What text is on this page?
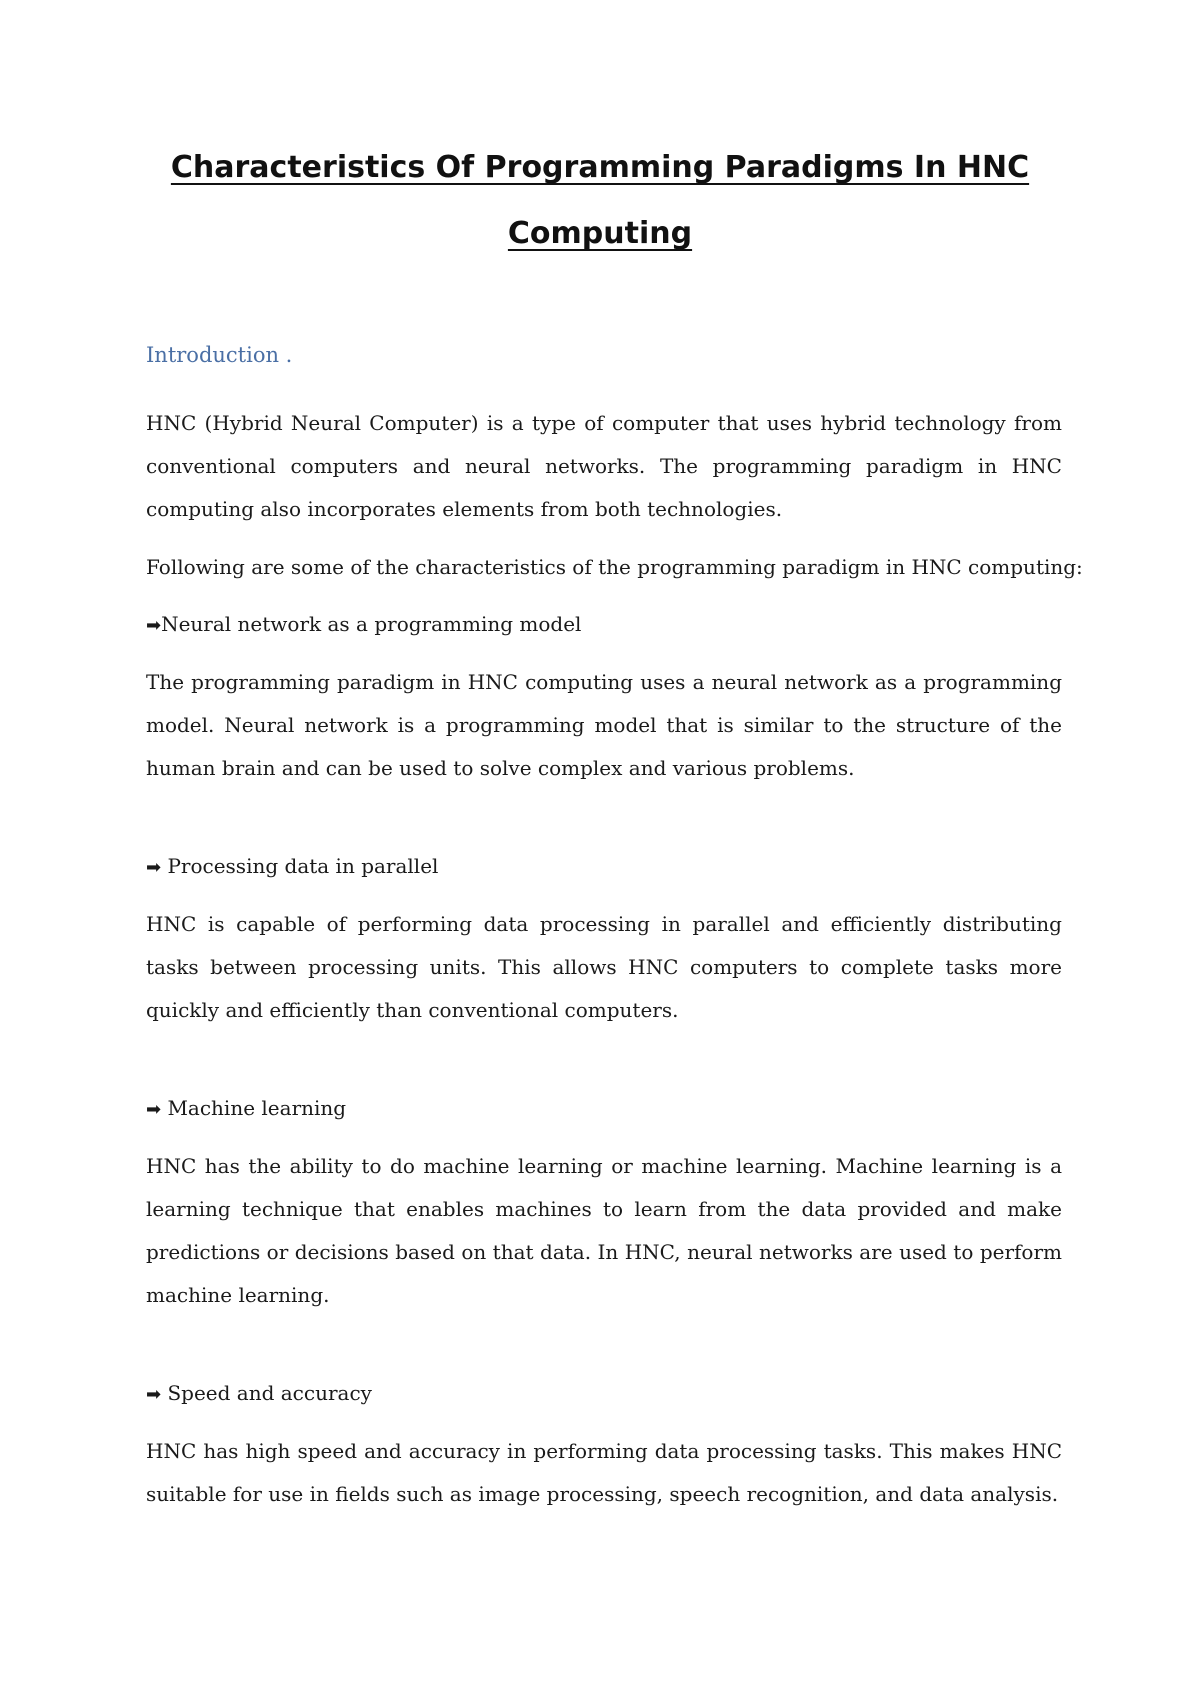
Characteristics Of Programming Paradigms In HNC
Computing

Introduction .

HNC (Hybrid Neural Computer) is a type of computer that uses hybrid technology from conventional computers and neural networks. The programming paradigm in HNC computing also incorporates elements from both technologies.

Following are some of the characteristics of the programming paradigm in HNC computing:

➡Neural network as a programming model

The programming paradigm in HNC computing uses a neural network as a programming model. Neural network is a programming model that is similar to the structure of the human brain and can be used to solve complex and various problems.

➡ Processing data in parallel

HNC is capable of performing data processing in parallel and efficiently distributing tasks between processing units. This allows HNC computers to complete tasks more quickly and efficiently than conventional computers.

➡ Machine learning

HNC has the ability to do machine learning or machine learning. Machine learning is a learning technique that enables machines to learn from the data provided and make predictions or decisions based on that data. In HNC, neural networks are used to perform machine learning.

➡ Speed and accuracy

HNC has high speed and accuracy in performing data processing tasks. This makes HNC suitable for use in fields such as image processing, speech recognition, and data analysis.
